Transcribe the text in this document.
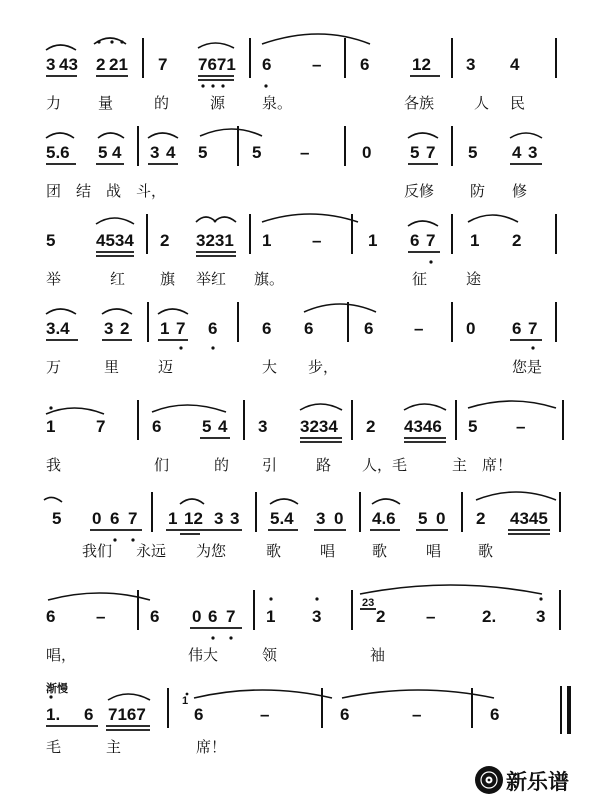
3 43 2 21 7 7671 6 – 6	12 3 4
力 量	的	源 泉。	各族	人 民
5.6 5 4 3 4 5	5 –	0 5 7 5 4 3
团 结 战 斗，	反修 防 修
5 4534 2 3231 1 –	1 6 7 1 2
举	红 旗 举红 旗。	征	途
3.4 3 2 1 7 6	6 6	6 –	0 6 7
万	里	迈	大 步，	您是
1 7	6 5 4 3 3234 2 4346 5 –
我	们	的 引	路 人，毛	主 席！
5 0 6 7 1 12 3 3 5.4 3 0 4.6 5 0 2 4345
我们 永远 为您	歌	唱 歌	唱 歌
6 –	6 0 6 7 1 3
23
2 –	2. 3
唱，	伟大	领	袖
渐慢
1. 6 7167
1
6	–	6	–	6
毛	主	席！
新乐谱
